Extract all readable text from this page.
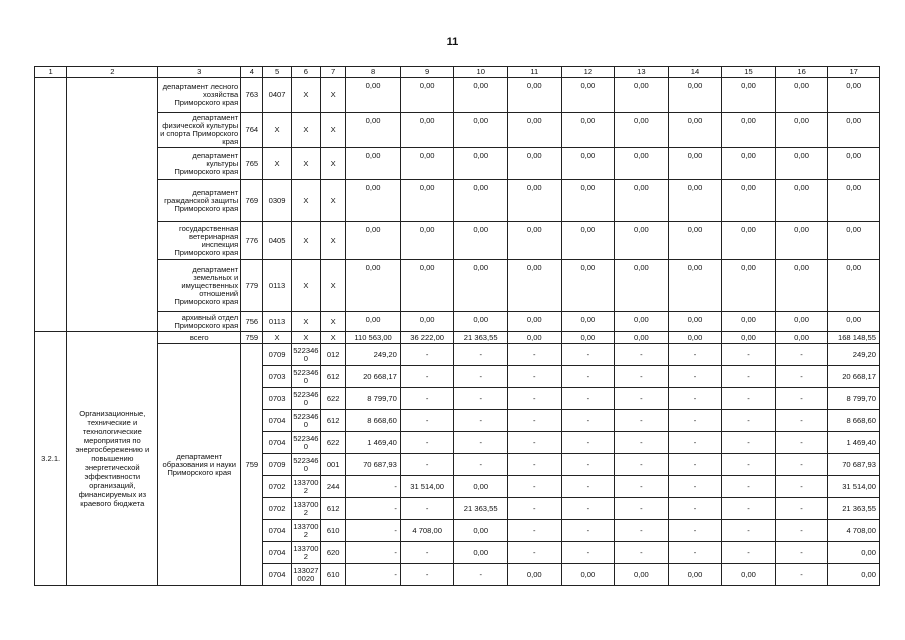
11
1	2	3	4	5	6	7	8	9	10	11	12	13	14	15	16	17
		департамент лесного хозяйства Приморского края	763	0407	X	X	0,00	0,00	0,00	0,00	0,00	0,00	0,00	0,00	0,00	0,00
		департамент физической культуры и спорта Приморского края	764	X	X	X	0,00	0,00	0,00	0,00	0,00	0,00	0,00	0,00	0,00	0,00
		департамент культуры Приморского края	765	X	X	X	0,00	0,00	0,00	0,00	0,00	0,00	0,00	0,00	0,00	0,00
		департамент гражданской защиты Приморского края	769	0309	X	X	0,00	0,00	0,00	0,00	0,00	0,00	0,00	0,00	0,00	0,00
		государственная ветеринарная инспекция Приморского края	776	0405	X	X	0,00	0,00	0,00	0,00	0,00	0,00	0,00	0,00	0,00	0,00
		департамент земельных и имущественных отношений Приморского края	779	0113	X	X	0,00	0,00	0,00	0,00	0,00	0,00	0,00	0,00	0,00	0,00
		архивный отдел Приморского края	756	0113	X	X	0,00	0,00	0,00	0,00	0,00	0,00	0,00	0,00	0,00	0,00
3.2.1.	Организационные, технические и технологические мероприятия по энергосбережению и повышению энергетической эффективности организаций, финансируемых из краевого бюджета	всего	759	X	X	X	110 563,00	36 222,00	21 363,55	0,00	0,00	0,00	0,00	0,00	0,00	168 148,55
		департамент образования и науки Приморского края	759	0709	5223460	012	249,20	-	-	-	-	-	-	-	-	249,20
				0703	5223460	612	20 668,17	-	-	-	-	-	-	-	-	20 668,17
				0703	5223460	622	8 799,70	-	-	-	-	-	-	-	-	8 799,70
				0704	5223460	612	8 668,60	-	-	-	-	-	-	-	-	8 668,60
				0704	5223460	622	1 469,40	-	-	-	-	-	-	-	-	1 469,40
				0709	5223460	001	70 687,93	-	-	-	-	-	-	-	-	70 687,93
				0702	1337002	244	-	31 514,00	0,00	-	-	-	-	-	-	31 514,00
				0702	1337002	612	-	-	21 363,55	-	-	-	-	-	-	21 363,55
				0704	1337002	610	-	4 708,00	0,00	-	-	-	-	-	-	4 708,00
				0704	1337002	620	-	-	0,00	-	-	-	-	-	-	0,00
				0704	1330270020	610	-	-	-	0,00	0,00	0,00	0,00	0,00	-	0,00
